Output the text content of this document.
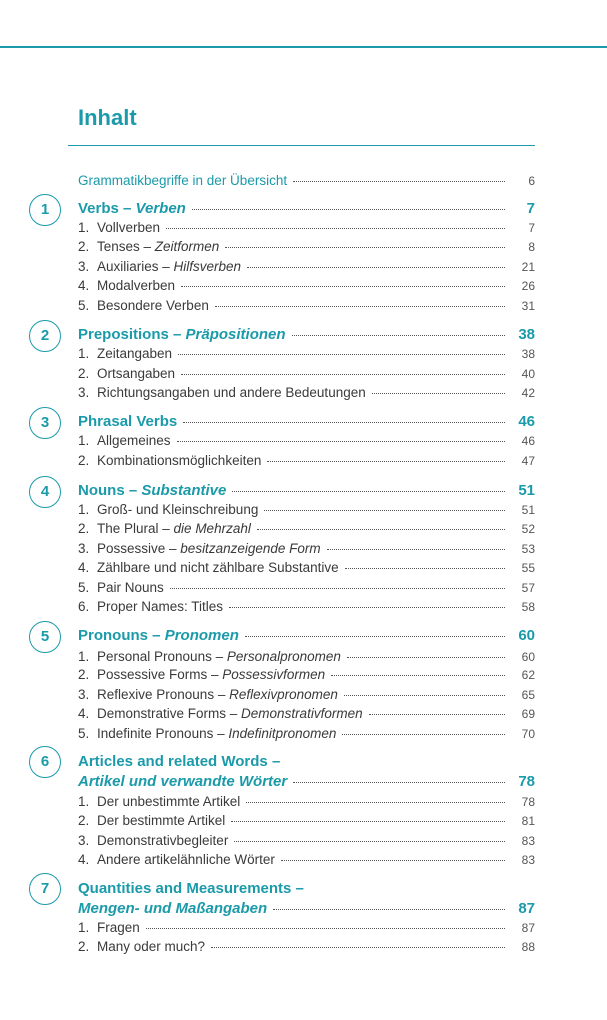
Inhalt
Grammatikbegriffe in der Übersicht	6
1	Verbs – Verben	7
1. Vollverben	7
2. Tenses – Zeitformen	8
3. Auxiliaries – Hilfsverben	21
4. Modalverben	26
5. Besondere Verben	31
2	Prepositions – Präpositionen	38
1. Zeitangaben	38
2. Ortsangaben	40
3. Richtungsangaben und andere Bedeutungen	42
3	Phrasal Verbs	46
1. Allgemeines	46
2. Kombinationsmöglichkeiten	47
4	Nouns – Substantive	51
1. Groß- und Kleinschreibung	51
2. The Plural – die Mehrzahl	52
3. Possessive – besitzanzeigende Form	53
4. Zählbare und nicht zählbare Substantive	55
5. Pair Nouns	57
6. Proper Names: Titles	58
5	Pronouns – Pronomen	60
1. Personal Pronouns – Personalpronomen	60
2. Possessive Forms – Possessivformen	62
3. Reflexive Pronouns – Reflexivpronomen	65
4. Demonstrative Forms – Demonstrativformen	69
5. Indefinite Pronouns – Indefinitpronomen	70
6	Articles and related Words –
Artikel und verwandte Wörter	78
1. Der unbestimmte Artikel	78
2. Der bestimmte Artikel	81
3. Demonstrativbegleiter	83
4. Andere artikelähnliche Wörter	83
7	Quantities and Measurements –
Mengen- und Maßangaben	87
1. Fragen	87
2. Many oder much?	88
